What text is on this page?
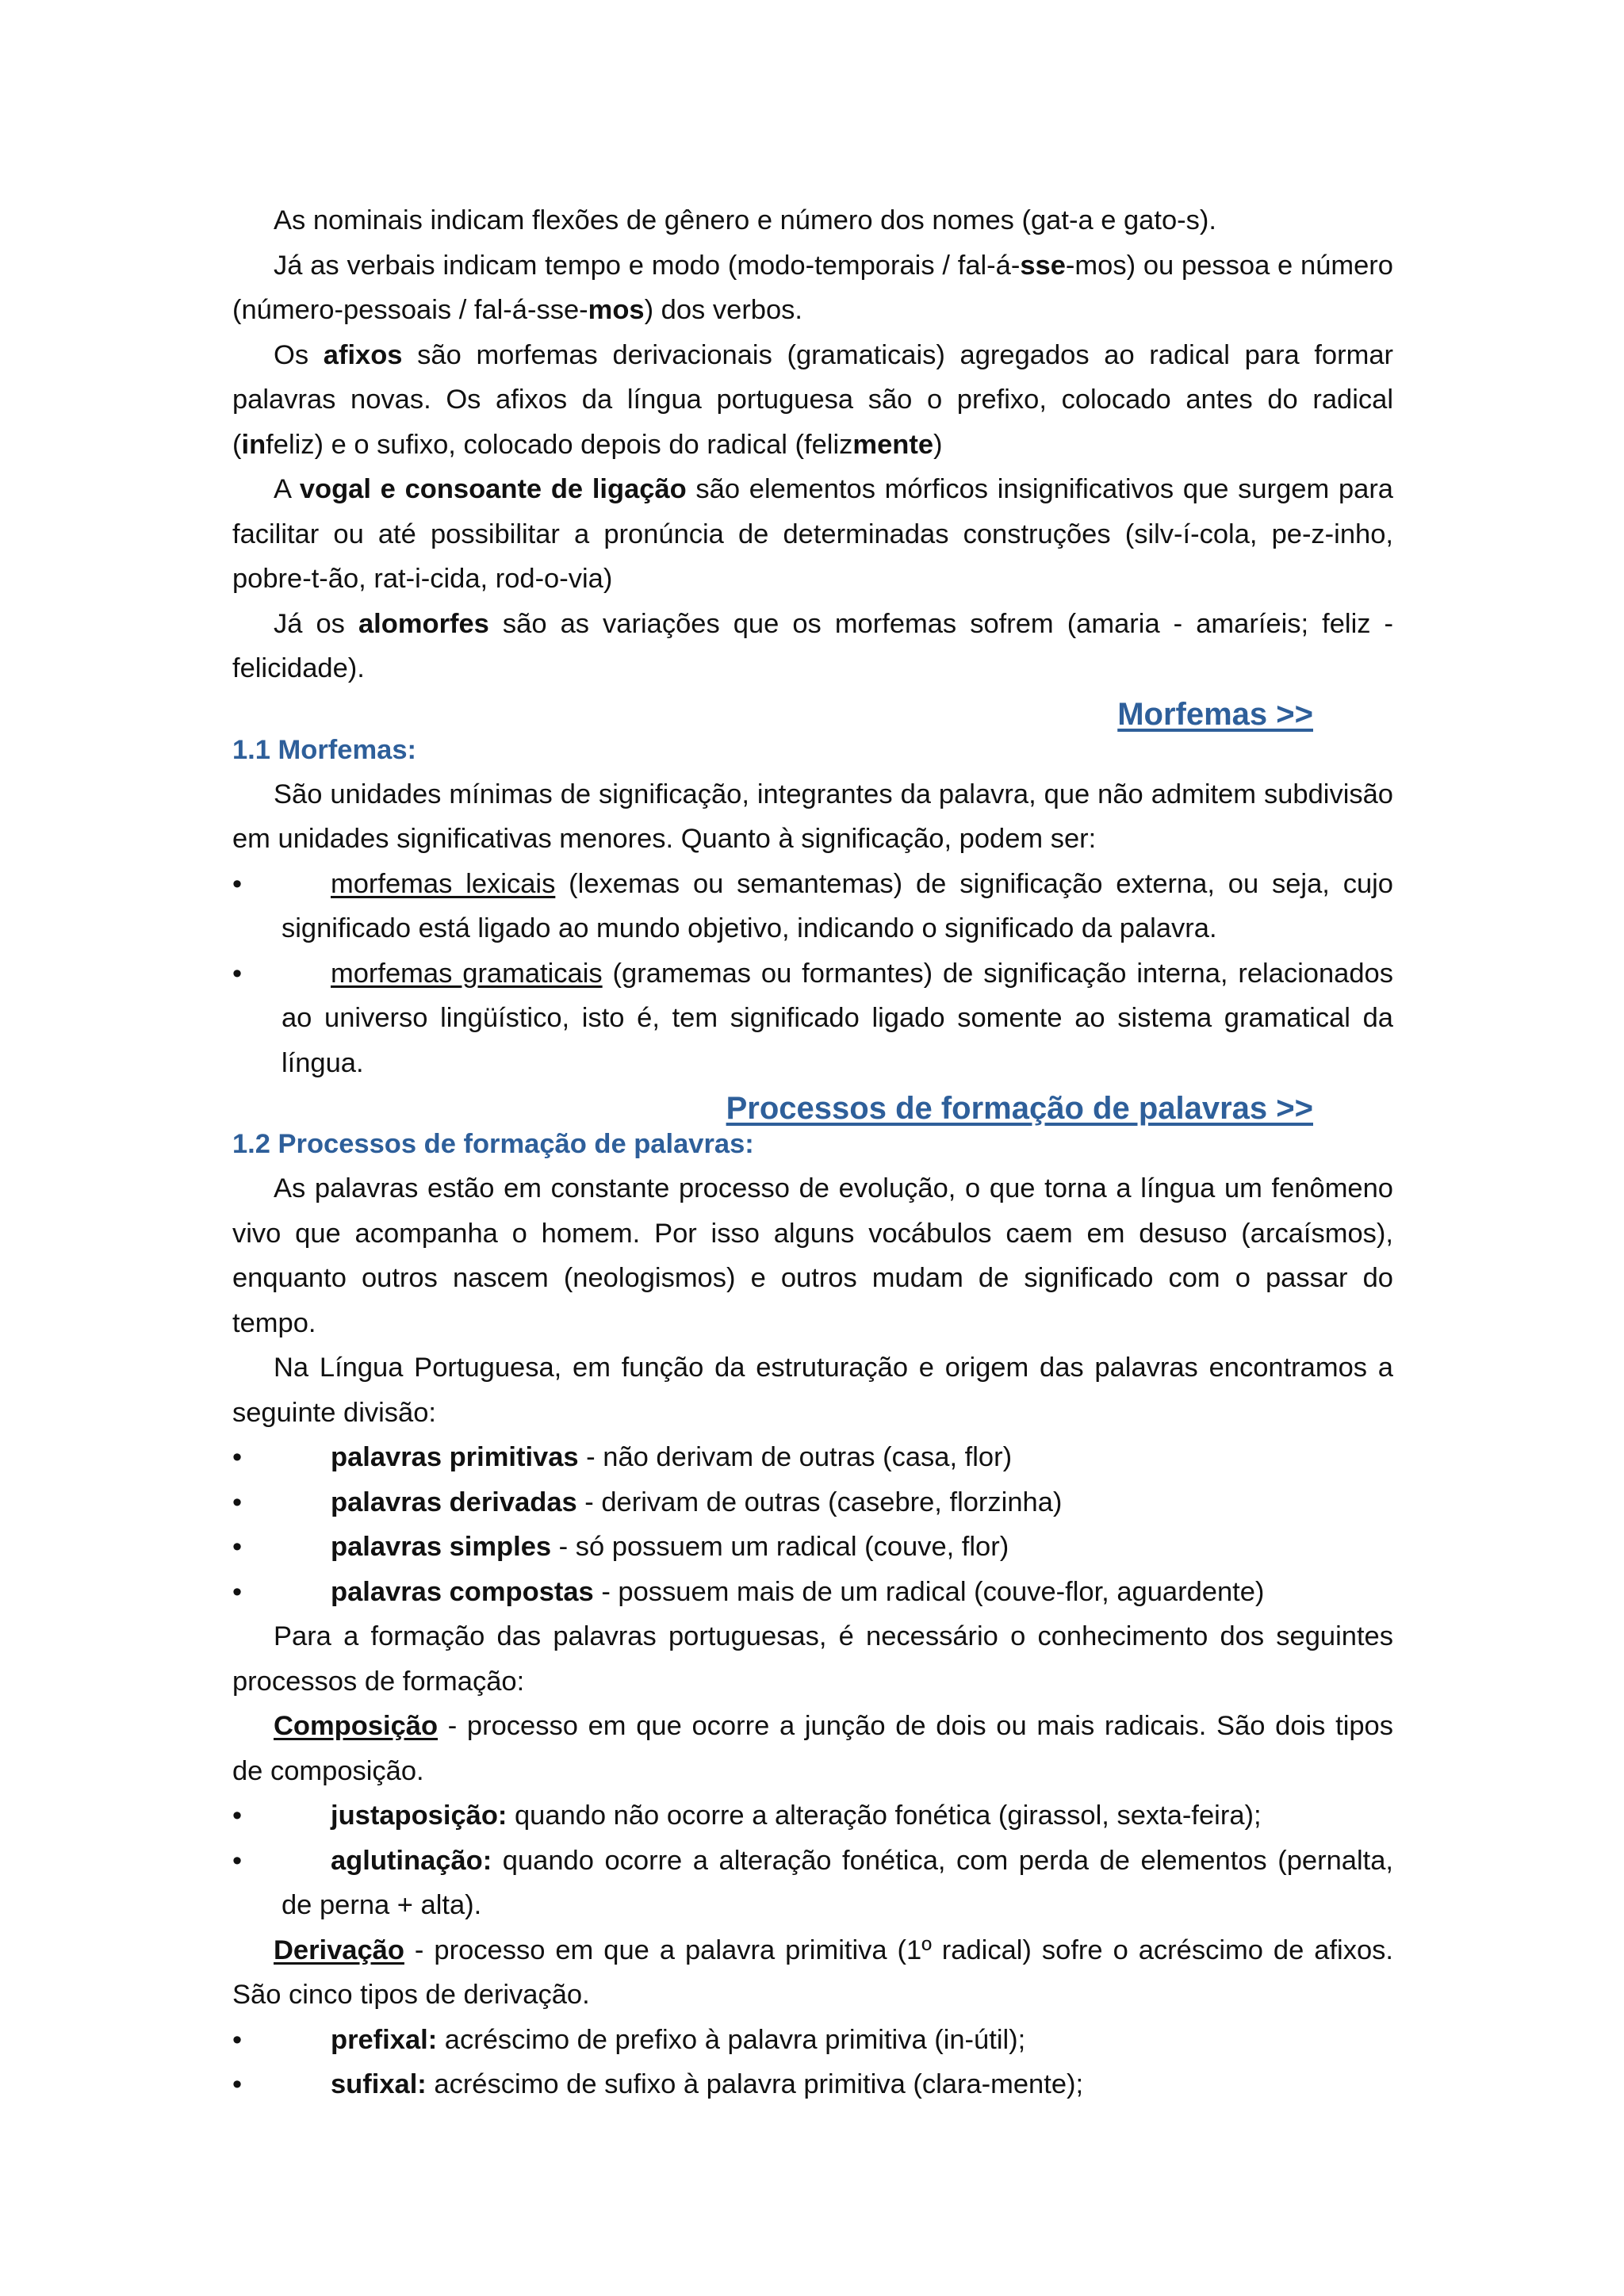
As nominais indicam flexões de gênero e número dos nomes (gat-a e gato-s).

Já as verbais indicam tempo e modo (modo-temporais / fal-á-sse-mos) ou pessoa e número (número-pessoais / fal-á-sse-mos) dos verbos.

Os afixos são morfemas derivacionais (gramaticais) agregados ao radical para formar palavras novas. Os afixos da língua portuguesa são o prefixo, colocado antes do radical (infeliz) e o sufixo, colocado depois do radical (felizmente)

A vogal e consoante de ligação são elementos mórficos insignificativos que surgem para facilitar ou até possibilitar a pronúncia de determinadas construções (silv-í-cola, pe-z-inho, pobre-t-ão, rat-i-cida, rod-o-via)

Já os alomorfes são as variações que os morfemas sofrem (amaria - amaríeis; feliz - felicidade).

Morfemas >>

1.1 Morfemas:

São unidades mínimas de significação, integrantes da palavra, que não admitem subdivisão em unidades significativas menores. Quanto à significação, podem ser:

•	morfemas lexicais (lexemas ou semantemas) de significação externa, ou seja, cujo significado está ligado ao mundo objetivo, indicando o significado da palavra.
•	morfemas gramaticais (gramemas ou formantes) de significação interna, relacionados ao universo lingüístico, isto é, tem significado ligado somente ao sistema gramatical da língua.

Processos de formação de palavras >>

1.2 Processos de formação de palavras:

As palavras estão em constante processo de evolução, o que torna a língua um fenômeno vivo que acompanha o homem. Por isso alguns vocábulos caem em desuso (arcaísmos), enquanto outros nascem (neologismos) e outros mudam de significado com o passar do tempo.

Na Língua Portuguesa, em função da estruturação e origem das palavras encontramos a seguinte divisão:

•	palavras primitivas - não derivam de outras (casa, flor)
•	palavras derivadas - derivam de outras (casebre, florzinha)
•	palavras simples - só possuem um radical (couve, flor)
•	palavras compostas - possuem mais de um radical (couve-flor, aguardente)

Para a formação das palavras portuguesas, é necessário o conhecimento dos seguintes processos de formação:

Composição - processo em que ocorre a junção de dois ou mais radicais. São dois tipos de composição.

•	justaposição: quando não ocorre a alteração fonética (girassol, sexta-feira);
•	aglutinação: quando ocorre a alteração fonética, com perda de elementos (pernalta, de perna + alta).

Derivação - processo em que a palavra primitiva (1º radical) sofre o acréscimo de afixos. São cinco tipos de derivação.

•	prefixal: acréscimo de prefixo à palavra primitiva (in-útil);
•	sufixal: acréscimo de sufixo à palavra primitiva (clara-mente);
